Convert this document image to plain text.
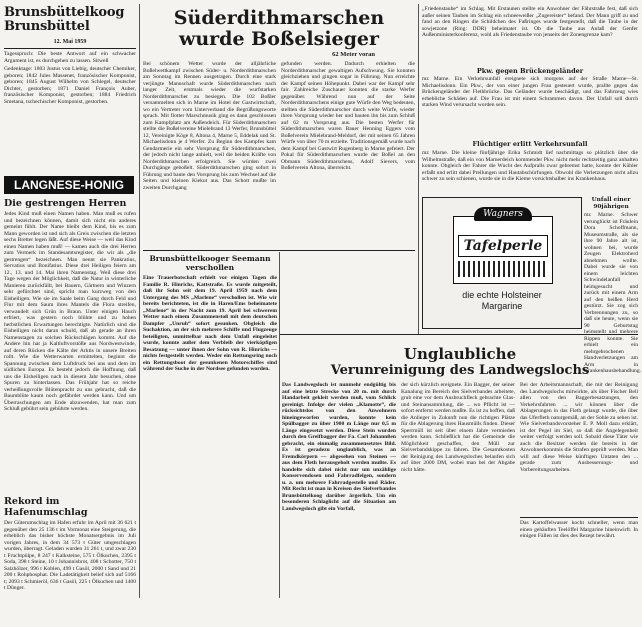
Brunsbüttelkoog
Brunsbüttel
12. Mai 1959

Tagesspruch: Die beste Antwort auf ein schwacher Argument ist, es durchgehen zu lassen. Sitwell

Gedenktage: 1803 Justus von Liebig, deutscher Chemiker, geboren; 1842 Jules Massenet, französischer Komponist, geboren; 1845 August Wilhelm von Schlegel, deutscher Dichter, gestorben; 1871 Daniel François Auber, französischer Komponist, gestorben; 1884 Friedrich Smetana, tschechischer Komponist, gestorben.

LANGNESE-HONIG
Die gestrengen Herren

Jedes Kind muß einen Namen haben. Man muß es rufen und bezeichnen können, damit sich nicht ein anderes gemeint fühlt. Der Name bleibt dem Kind, bis es zum Mann geworden ist und sich als Greis zwischen die letzten sechs Bretter legen läßt. Auf diese Weise — weil das Kind einen Namen haben muß! — kamen auch die drei Herren zum Vermerk im Standesamtsregister, die wir als „die gestrengen“ bezeichnen. Man nennt sie Pankratius, Servatius und Bonifatius. Diese drei Heiligen feiern am 12., 13. und 14. Mai ihren Namenstag. Weil diese drei Tage wegen der Möglichkeit, daß die Natur in winterliche Manieren zurückfällt, bei Bauern, Gärtnern und Winzern sehr gefürchtet sind, spricht man kurzweg von den Eisheiligen. Wie sie im Saale beim Gang durch Feld und Flur mit dem Saum ihres Mantels die Flora streifen, verwandelt sich Grün in Braun. Unter einigen Hauch erfriert, was gestern noch blühte und zu hohen herbstlichen Erwartungen berechtigte. Natürlich sind die Eisheiligen nicht daran schuld, daß ab gerade an ihren Namenstagen zu solchen Rückschlägen kommt. Auf die Andere hin hat ja Kaltluftvorstöße aus Nordwestwinde, auf deren Rücken die Kälte der Arktis in unsere Breiten rollt. Wie die Wetterwarten ermittelten, beginnt die Spannung zwischen dem Luftdruck bei uns und dem im südlichen Europa. Es besteht jedoch die Hoffnung, daß uns die Eisheiligen nach in diesem Jahr besuchen, ohne Spuren zu hinterlassen. Das Frühjahr hat so reiche verheißungsvolle Blütenpracht zu uns gebracht, daß die Baumblüte kaum noch gefährdet werden kann. Und um Überraschungen am Ende abzuwenden, hat man zum Schluß gebührt sein gebührte werden.

Rekord im Hafenumschlag

Der Güterumschlag im Hafen erfuhr im April mit 36 621 t gegenüber den 25 136 t im Vormonat eine Steigerung, die erheblich das bisher höchste Monatsergebnis im Juli vorigen Jahres, in dem 34 573 t Güter umgeschlagen wurden, überragt. Geladen wurden 31 261 t, und zwar 230 t Fruchtpülpe, 8 247 t Kalksteine, 575 t Ölkuchen, 2395 t Soda, 398 t Steine, 10 t Johannisbrot, 408 t Schotter, 750 t Salzhölzer, 996 t Koblen, 499 t Gasöl, 2000 t Sand und 21 200 t Rohphosphat. Die Ladetätigkeit belief sich auf 5166 t; 2093 t Schmieröl, 636 t Gasöl, 225 t Ölkuchen und 1400 t Dünger.

Süderdithmarschen
wurde Boßelsieger
62 Meter voran

Bei schönem Wetter wurde der alljährliche Boßelwettkampf zwischen Süder- u. Norderdithmarschen am Sonntag im Rennen ausgetragen. Durch eine stark verjüngte Mannschaft wurde Süderdithmarschen nach langer Zeit, erstmals wieder die wurfstarken Norderdithmarscher zu besiegen. Die 102 Boßler versammelten sich in Marne im Hotel der Gastwirtschaft, wo ein Vertreter vom Unterverband die Begrüßungsworte sprach. Mit flotter Marschmusik ging es dann geschlossen zum Kampfplatz am Außendeich. Für Süderdithmarschen stellte die Boßelvereine Mielebrand 13 Werfer, Brunsbüttel 12, Vereinigte Köge 8, Altona 4, Marne 5, Eddelak und St. Michaelisdonn je 4 Werfer. Zu Beginn des Kampfes kam Gendarmerie ein sehr Vorsprung für Süderdithmarschen, der jedoch nicht lange anhielt, weil die beiden Kräfte von Norderdithmarschen erfolgreich. Sie würden zwei Durchgänge geboßelt. Süderdithmarschen ging sofort in Führung und baute den Vorsprung bis zum Wechsel auf die Seiten und kleinen Kiekut aus. Das Schott mußte im zweiten Durchgang

gefunden werden. Dadurch erhielten die Norderdithmarscher gewaltigen Aufschwung. Sie konnten gleichziehen und gingen sogar in Führung. Nun erreichte der Kampf seinen Höhepunkt. Dabei war der Kampf sehr fair. Zahlreiche Zuschauer konnten die starke Werfer gegenüber. Während nun auf der Seite Norderdithmarschens einige gute Würfe den Weg bedeuten, stellten die Süderdithmarscher durch weite Würfe, wieder ihren Vorsprung wieder her und bauten ihn bis zum Schluß auf 62 m Vorsprung aus. Die besten Werfer für Süderdithmarschen waren Bauer Henning Eggers vom Boßelverein Mielebrand-Meldorf, der mit seinen 65 Jahren Würfe von über 70 m erzielte. Traditionsgemäß wurde nach dem Kampf bei Gastwirt Rugenberg in Marne gefeiert. Der Pokal für Süderdithmarschen wurde der Boßel an den Obmann Süderdithmarschens, Adolf Sievers, vom Boßelverein Altona, überreicht.

Brunsbüttelkooger Seemann
verschollen

Eine Trauerbotschaft erhielt vor einigen Tagen die Familie R. Hinrichs, Kattstraße. Es wurde mitgeteilt, daß ihr Sohn seit dem 19. April 1959 nach dem Untergang des MS „Marlene“ verschollen ist. Wie wir bereits berichteten, ist die in Haren/Ems beheimatete „Marlene“ in der Nacht zum 19. April bei schwerem Wetter nach einem Zusammenstoß mit dem deutschen Dampfer „Unruh“ sofort gesunken. Obgleich die Suchaktion, an der sich mehrere Schiffe und Flugzeuge beteiligten, unmittelbar nach dem Unfall eingeleitet wurde, konnte außer dem Verbleib der vierköpfigen Besatzung — unter ihnen der Sohn von R. Hinrichs — nichts festgestellt werden. Weder ein Rettungsring noch ein Rettungsboot der gesunkenen Motorschiffes sind während der Suche in der Nordsee gefunden worden.

„Friedenstaube“ im Schlag. Mit Erstaunen stellte ein Anwohner der Fährstraße fest, daß sich außer seinen Tauben im Schlag ein schneeweißer „Zugereister“ befand. Der Mann griff zu und fand an den Ringen die Schildchen des Fußringes wurde festgestellt, daß die Taube in der sowjetzone (Ring: DDR) beheimatet ist. Ob die Taube aus Anlaß der Genfer Außenministerkonferenz, wohl als Friedenstaube von jenseits der Zonengrenze kam?

Pkw. gegen Brückengeländer

mz Marne. Ein Verkehrsunfall ereignete sich morgens auf der Straße Marne—St. Michaelisdonn. Ein Pkw., der von einer jungen Frau gesteuert wurde, prallte gegen das Brückengeländer der Flethbrücke. Das Geländer wurde beschädigt, und das Fahrzeug wies erhebliche Schäden auf. Die Frau ist mit einem Schrammen davon. Der Unfall soll durch starken Wind verursacht worden sein.

Flüchtiger erlitt Verkehrsunfall

mz Marne. Die kleine fünfjährige Erika Schmidt lief nachmittags so plötzlich über die Wilhelmstraße, daß ein von Marnerdeich kommender Pkw. nicht mehr rechtzeitig ganz anhalten konnte. Obgleich der Fahrer die Wucht des Aufpralls zwar gebremst hatte, konnte der Kühler erfaßt und erlitt dabei Prellungen und Hautabschürfungen. Obwohl die Verletzungen nicht allzu schwer zu sein schienen, wurde sie in die Kieme vorsichtshalber ins Krankenhaus.

Wagners
Tafelperle
die echte Holsteiner
Margarine
Unfall einer 90jährigen

mz Marne. Schwer verunglückt ist Fräulein Dora Schoffmann, Museumstraße, als sie ihre 90 Jahre alt ist, wohnen bei, wurde Zeugen Elektroherd abnehmen wollte. Dabei wurde sie von einem leichten Schwindelanfall heimgesucht und zurück mit einem Arm auf den heißen Herd gestürzt. Sie zog sich Verbrennungen zu, so daß sie heute, wenn sie 90 Geburtstag heimstellt und mehrere Rippen konnte. Sie erhielt ein mehrgebrochenen Handverletzungen am Arm in Krankenhausbehandlung.

Unglaubliche
Verunreinigung des Landwegslochs

Das Landwegsloch ist nunmehr endgültig bis auf eine letzte Strecke von 20 m. mit durch Handarbeit gekleit werden muß, vom Schlick gereinigt. Infolge der vielen „Klamotte“, die rücksichtslos von den Anwohnern hineingeworfen wurden, konnte kein Spülbagger zu über 1900 m Länge nur 0,5 m Länge eingesetzt werden. Diese Stein wurden durch den Greifbagger der Fa. Carl Johannßen gebracht, ein einmalig zusammensetztes Bild. Es ist geradezu unglaublich, was an Fremdkörpern — abgesehen von Steinen — aus dem Fleth herausgeholt werden mußte. Es handelte sich dabei nicht nur um unzählige Konservendosen und Fahrradfelgen, sondern u. a. um mehrere Fahrradgestelle und Räder. Mit Recht ist man in Kreisen des Sielverbandes Brunsbüttelkoog darüber ärgerlich. Um ein besonderen Schlaglicht auf die Situation am Landwegsloch gibt ein Vorfall,

der sich kürzlich ereignete. Ein Bagger, der seiner Kanalung im Bereich des Sielverbandes arbeitete, grub eine vor dem Ausbruchfleck gebrachte Glas- und Steinansammlung, die ... wo Pflicht ist — sofort entfernt werden mußte. Es ist zu hoffen, daß die Anlieger in Zukunft nun die richtigen Plätze für die Ablagerung ihres Hausmülls finden. Dieser Sperrmüll ist seit über einem Jahre vermieden werden kann. Schließlich hat die Gemeinde die Möglichkeit geschaffen, den Müll zur Sielverbandskippe zu fahren. Die Gesamtkosten der Reinigung des Landwegsloches belaufen sich auf über 2000 DM, wobei man bei der Abgabe nicht hätte.

Bei der Arbeitsmannschaft, die mit der Reinigung des Landwegslochs mitwirkte, als über Fischer Bell allen von den Baggerbesatzungen, den Verkehrsfahrten ... wir können über die Ablagerungen in das Fleth gelangt wurde, die über das Uferfleth naturgemäß, an der Sohle zu sehen ist. Wie Sielverbandsvorsteher E. P. Moll dazu erklärt, ist der Pegel im Siel, so daß die Angelegenheit weiter verfolgt werden soll. Sobald diese Täter wie auch die Besitzer werden die bereits in der Anwohnerkonntnis die Strafen geprüft werden. Man will auf diese Weise künftigen Untaten den ... gerade zum Ausbesserungs- und Vorbereitungsarbeiten.

Das Kartoffelwasser kocht schneller, wenn man einen gehäuften Teelöffel Margarine hineinwirft. In einigen Fällen ist dies des Rezept bewährt.
